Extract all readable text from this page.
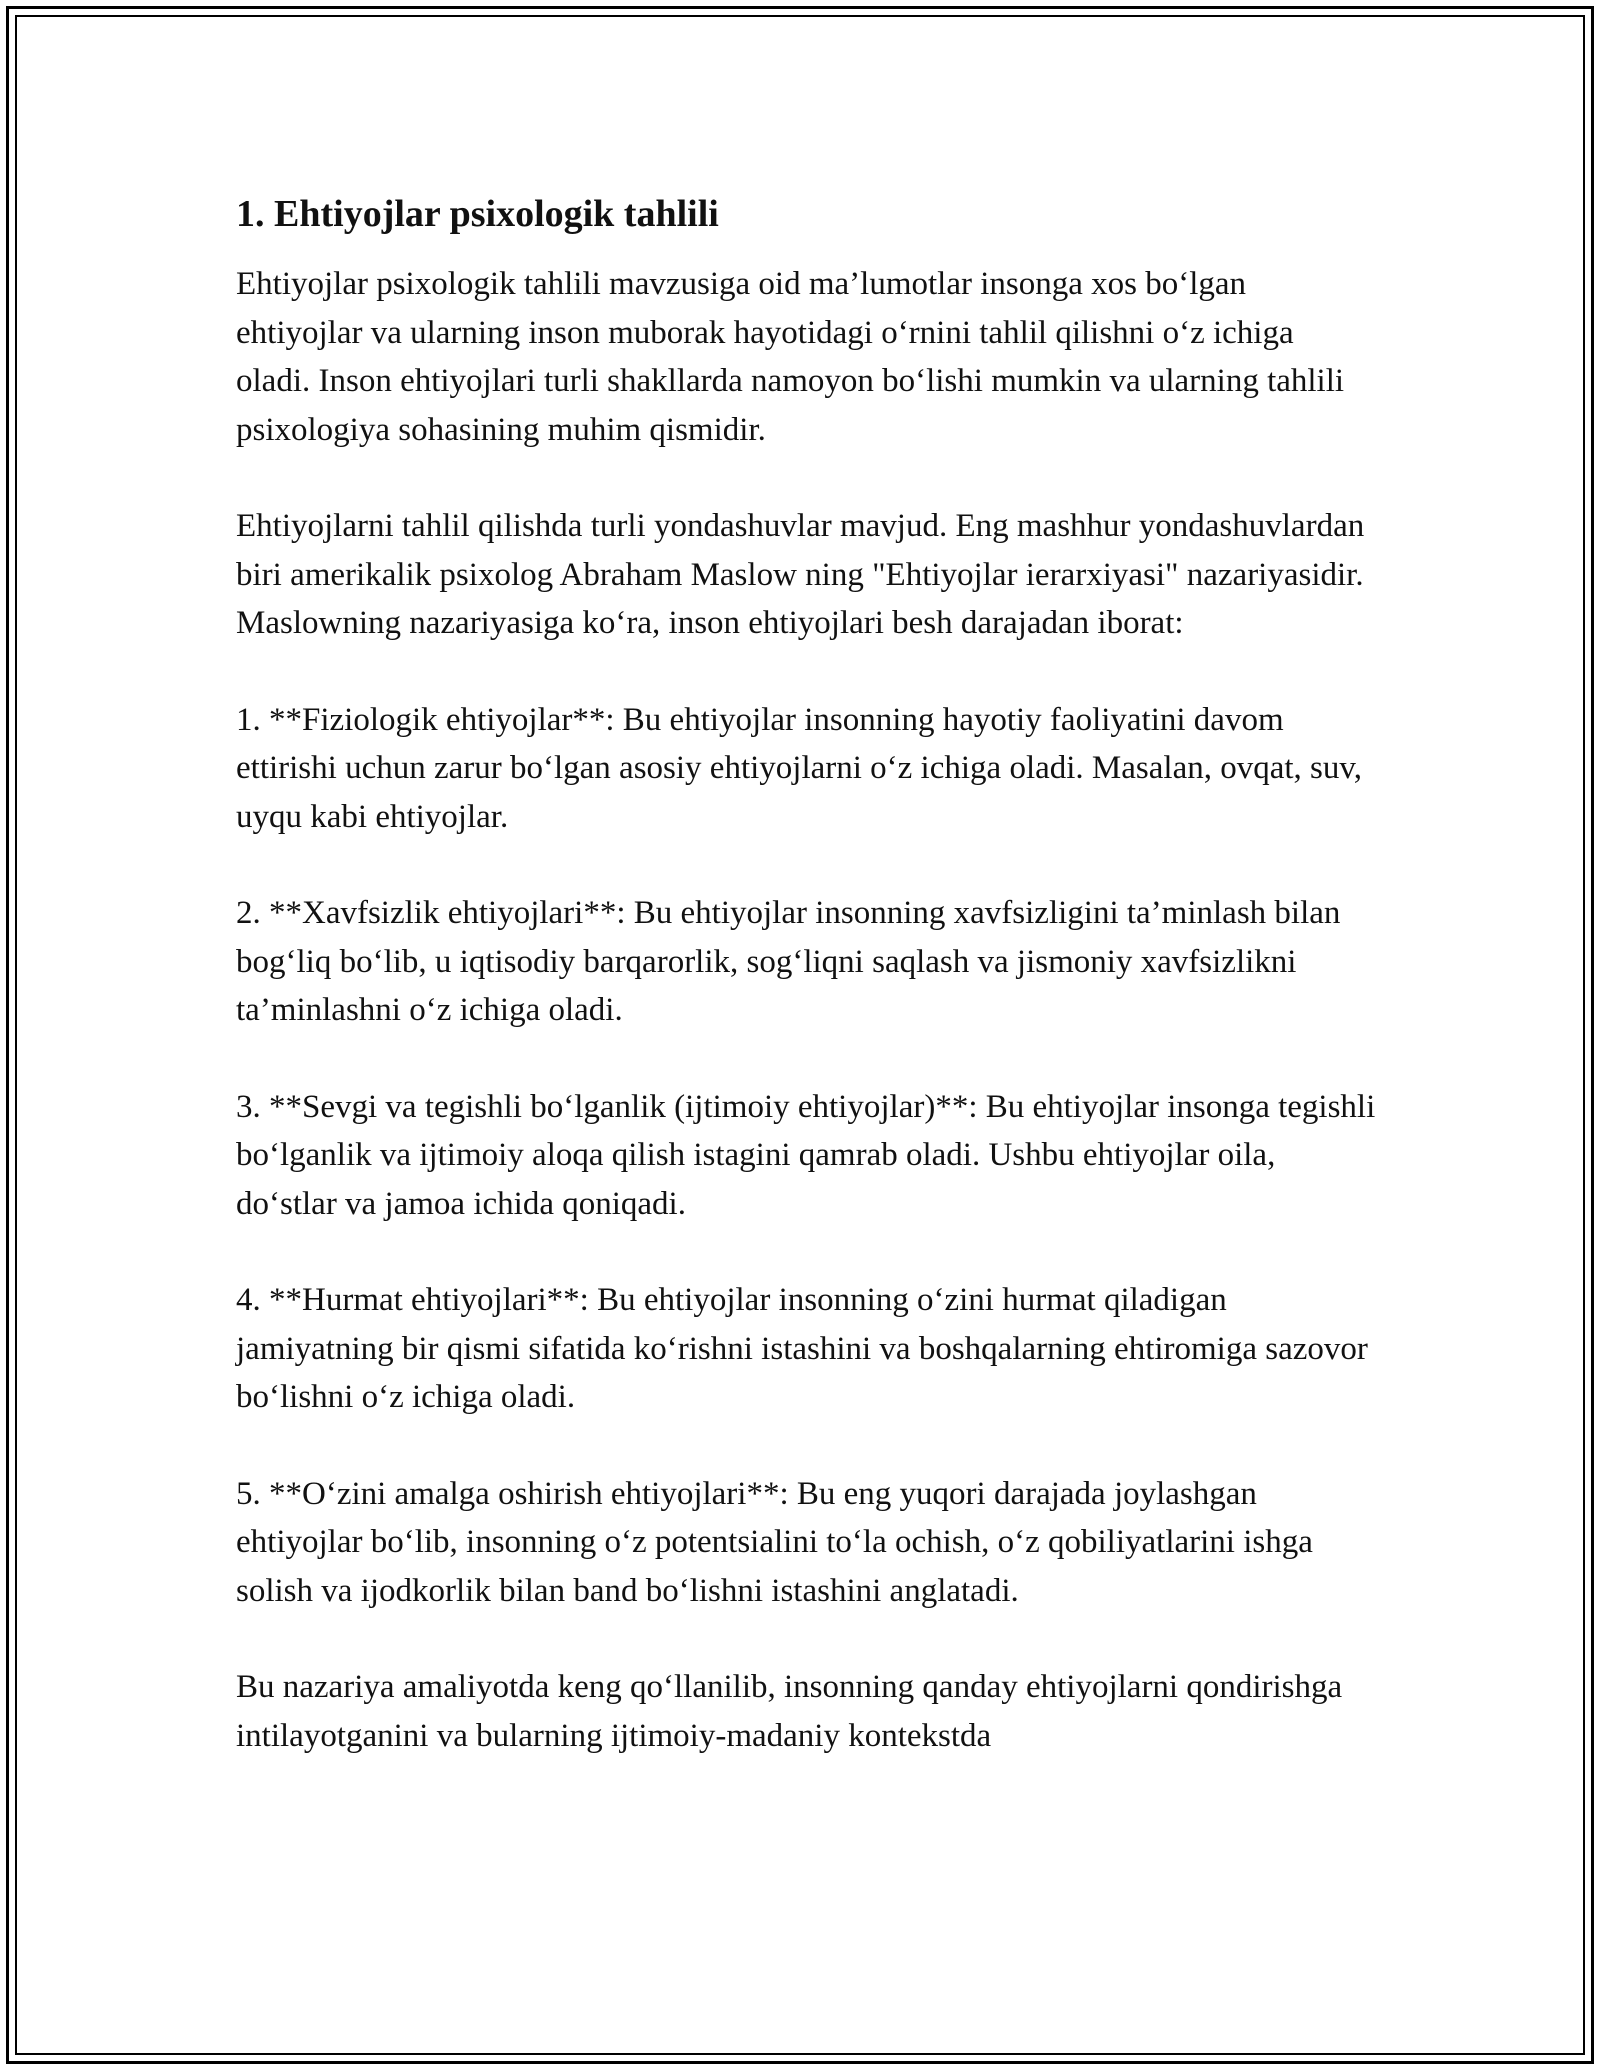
1. Ehtiyojlar psixologik tahlili

Ehtiyojlar psixologik tahlili mavzusiga oid ma’lumotlar insonga xos bo‘lgan ehtiyojlar va ularning inson muborak hayotidagi o‘rnini tahlil qilishni o‘z ichiga oladi. Inson ehtiyojlari turli shakllarda namoyon bo‘lishi mumkin va ularning tahlili psixologiya sohasining muhim qismidir.

Ehtiyojlarni tahlil qilishda turli yondashuvlar mavjud. Eng mashhur yondashuvlardan biri amerikalik psixolog Abraham Maslow ning "Ehtiyojlar ierarxiyasi" nazariyasidir. Maslowning nazariyasiga ko‘ra, inson ehtiyojlari besh darajadan iborat:

1. **Fiziologik ehtiyojlar**: Bu ehtiyojlar insonning hayotiy faoliyatini davom ettirishi uchun zarur bo‘lgan asosiy ehtiyojlarni o‘z ichiga oladi. Masalan, ovqat, suv, uyqu kabi ehtiyojlar.

2. **Xavfsizlik ehtiyojlari**: Bu ehtiyojlar insonning xavfsizligini ta’minlash bilan bog‘liq bo‘lib, u iqtisodiy barqarorlik, sog‘liqni saqlash va jismoniy xavfsizlikni ta’minlashni o‘z ichiga oladi.

3. **Sevgi va tegishli bo‘lganlik (ijtimoiy ehtiyojlar)**: Bu ehtiyojlar insonga tegishli bo‘lganlik va ijtimoiy aloqa qilish istagini qamrab oladi. Ushbu ehtiyojlar oila, do‘stlar va jamoa ichida qoniqadi.

4. **Hurmat ehtiyojlari**: Bu ehtiyojlar insonning o‘zini hurmat qiladigan jamiyatning bir qismi sifatida ko‘rishni istashini va boshqalarning ehtiromiga sazovor bo‘lishni o‘z ichiga oladi.

5. **O‘zini amalga oshirish ehtiyojlari**: Bu eng yuqori darajada joylashgan ehtiyojlar bo‘lib, insonning o‘z potentsialini to‘la ochish, o‘z qobiliyatlarini ishga solish va ijodkorlik bilan band bo‘lishni istashini anglatadi.

Bu nazariya amaliyotda keng qo‘llanilib, insonning qanday ehtiyojlarni qondirishga intilayotganini va bularning ijtimoiy-madaniy kontekstda
